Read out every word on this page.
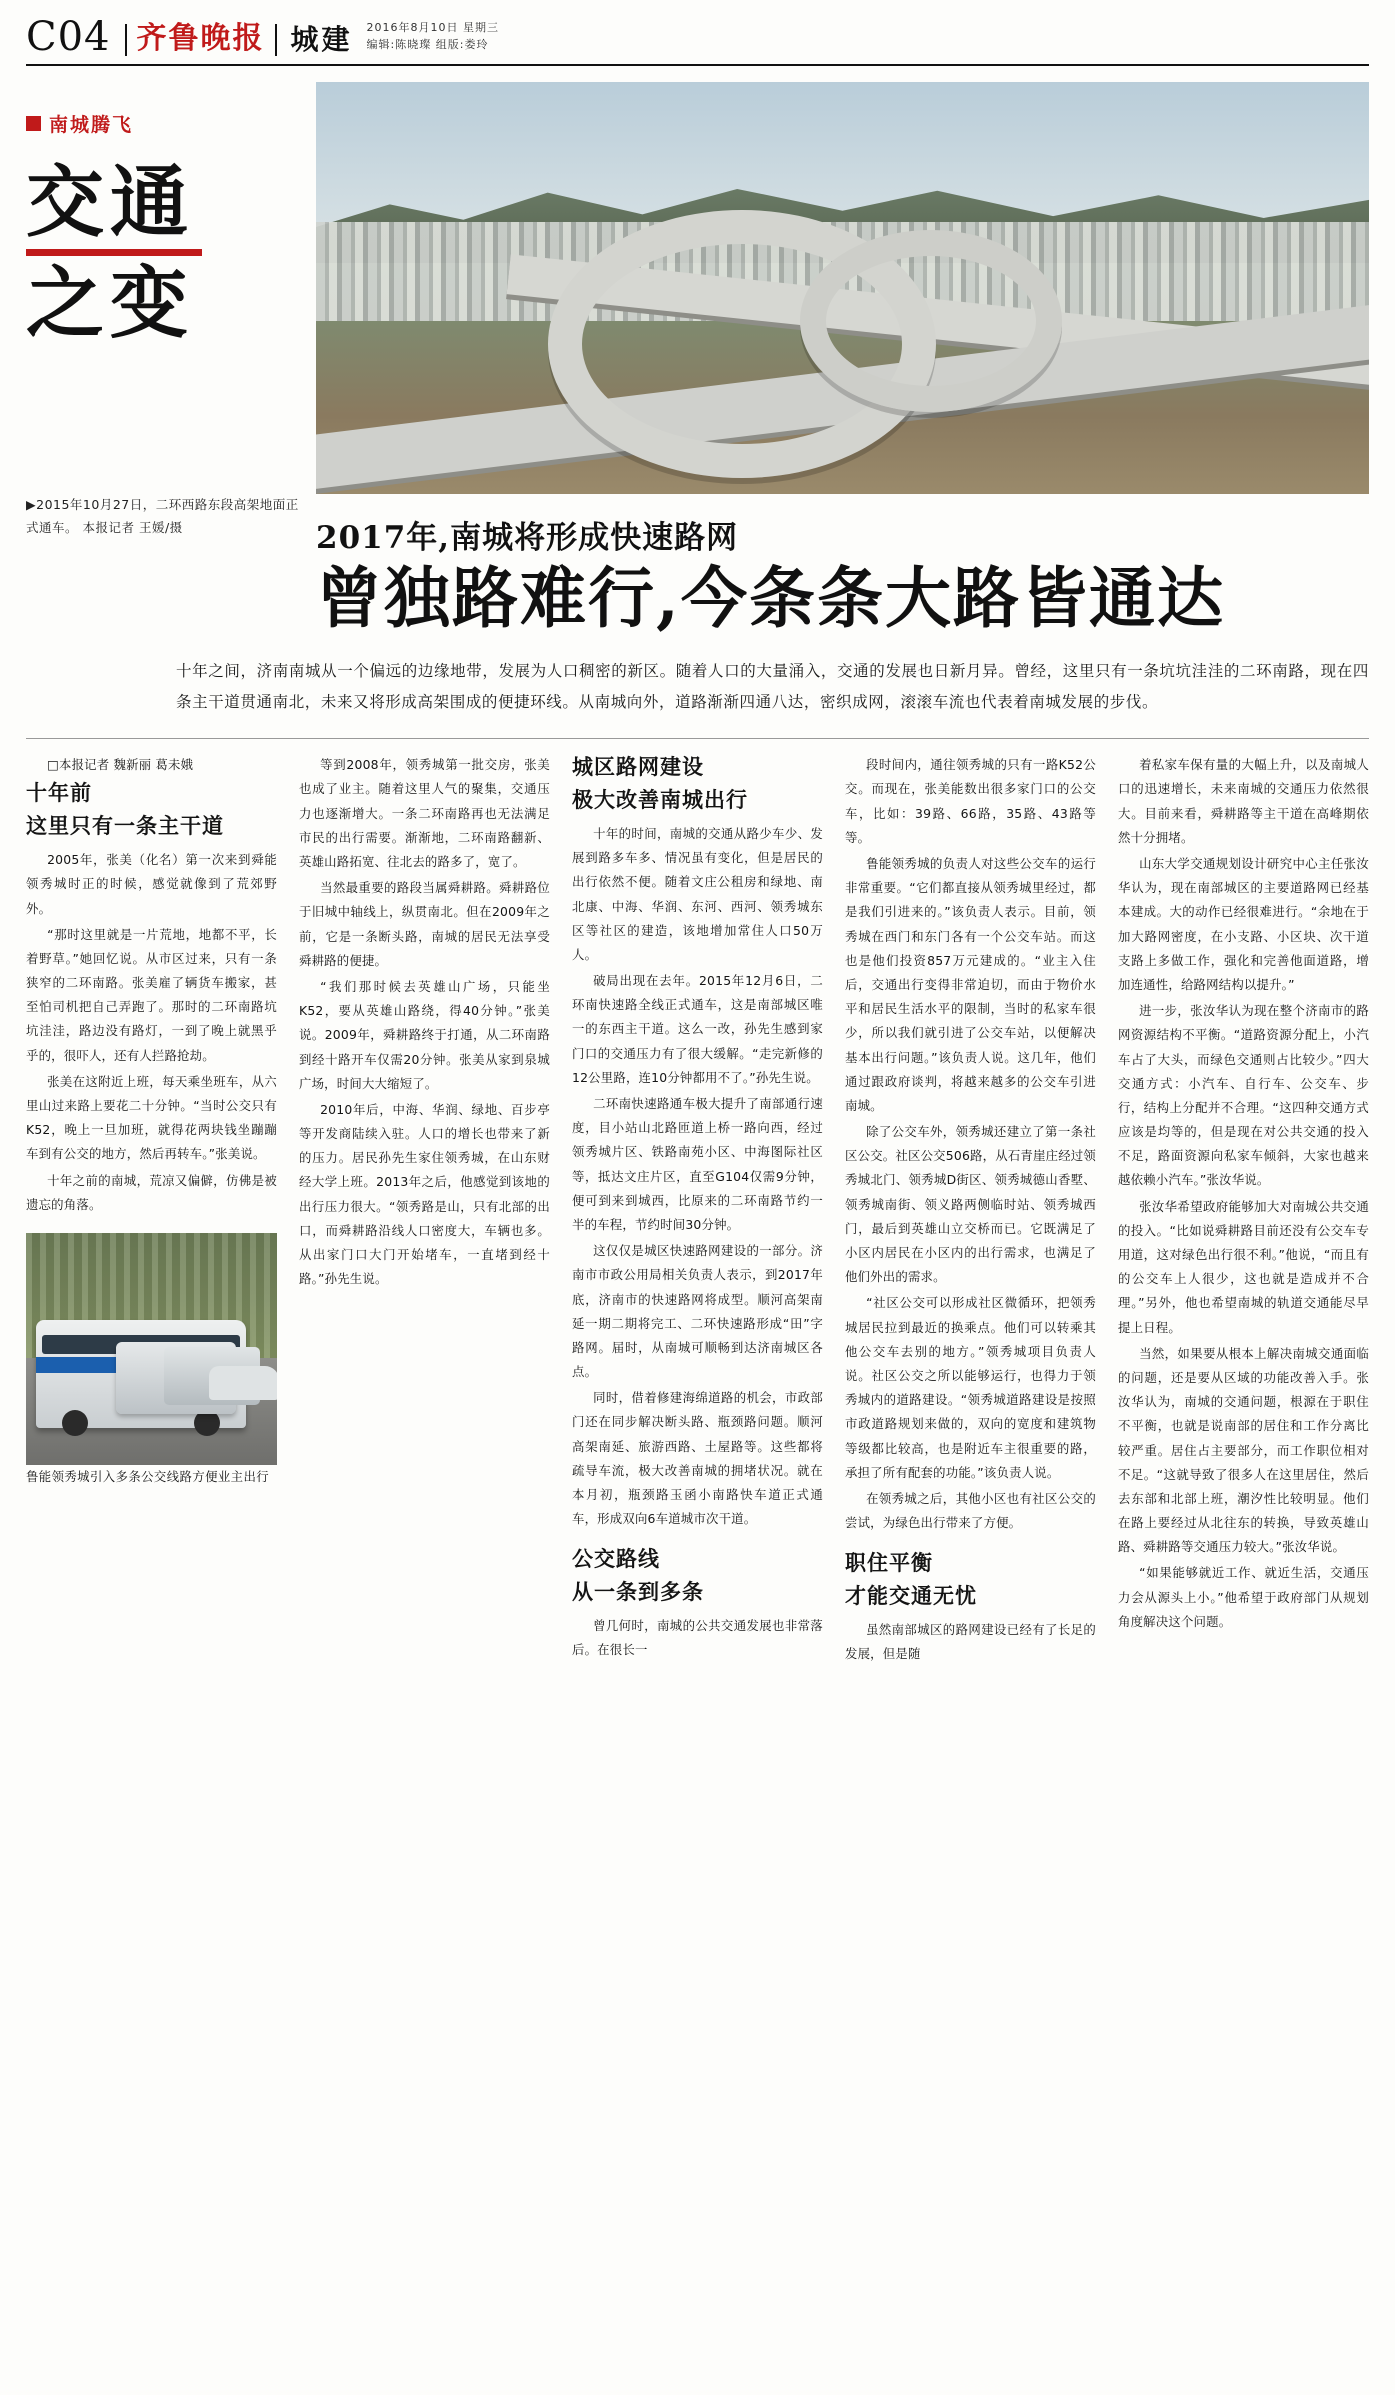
C04 齐鲁晚报 城建 2016年8月10日 星期三
编辑:陈晓璨 组版:娄玲
南城腾飞
交通
之变
▶2015年10月27日，二环西路东段高架地面正式通车。 本报记者 王媛/摄	2017年,南城将形成快速路网
曾独路难行,今条条大路皆通达
十年之间，济南南城从一个偏远的边缘地带，发展为人口稠密的新区。随着人口的大量涌入，交通的发展也日新月异。曾经，这里只有一条坑坑洼洼的二环南路，现在四条主干道贯通南北，未来又将形成高架围成的便捷环线。从南城向外，道路渐渐四通八达，密织成网，滚滚车流也代表着南城发展的步伐。

□本报记者 魏新丽 葛未娥

十年前
这里只有一条主干道

2005年，张美（化名）第一次来到舜能领秀城时正的时候，感觉就像到了荒郊野外。

“那时这里就是一片荒地，地都不平，长着野草。”她回忆说。从市区过来，只有一条狭窄的二环南路。张美雇了辆货车搬家，甚至怕司机把自己弄跑了。那时的二环南路坑坑洼洼，路边没有路灯，一到了晚上就黑乎乎的，很吓人，还有人拦路抢劫。

张美在这附近上班，每天乘坐班车，从六里山过来路上要花二十分钟。“当时公交只有K52，晚上一旦加班，就得花两块钱坐蹦蹦车到有公交的地方，然后再转车。”张美说。

十年之前的南城，荒凉又偏僻，仿佛是被遗忘的角落。

鲁能领秀城引入多条公交线路方便业主出行

等到2008年，领秀城第一批交房，张美也成了业主。随着这里人气的聚集，交通压力也逐渐增大。一条二环南路再也无法满足市民的出行需要。渐渐地，二环南路翻新、英雄山路拓宽、往北去的路多了，宽了。

当然最重要的路段当属舜耕路。舜耕路位于旧城中轴线上，纵贯南北。但在2009年之前，它是一条断头路，南城的居民无法享受舜耕路的便捷。

“我们那时候去英雄山广场，只能坐K52，要从英雄山路绕，得40分钟。”张美说。2009年，舜耕路终于打通，从二环南路到经十路开车仅需20分钟。张美从家到泉城广场，时间大大缩短了。

2010年后，中海、华润、绿地、百步亭等开发商陆续入驻。人口的增长也带来了新的压力。居民孙先生家住领秀城，在山东财经大学上班。2013年之后，他感觉到该地的出行压力很大。“领秀路是山，只有北部的出口，而舜耕路沿线人口密度大，车辆也多。从出家门口大门开始堵车，一直堵到经十路。”孙先生说。

城区路网建设
极大改善南城出行

十年的时间，南城的交通从路少车少、发展到路多车多、情况虽有变化，但是居民的出行依然不便。随着文庄公租房和绿地、南北康、中海、华润、东河、西河、领秀城东区等社区的建造，该地增加常住人口50万人。

破局出现在去年。2015年12月6日，二环南快速路全线正式通车，这是南部城区唯一的东西主干道。这么一改，孙先生感到家门口的交通压力有了很大缓解。“走完新修的12公里路，连10分钟都用不了。”孙先生说。

二环南快速路通车极大提升了南部通行速度，目小站山北路匝道上桥一路向西，经过领秀城片区、铁路南苑小区、中海图际社区等，抵达文庄片区，直至G104仅需9分钟，便可到来到城西，比原来的二环南路节约一半的车程，节约时间30分钟。

这仅仅是城区快速路网建设的一部分。济南市市政公用局相关负责人表示，到2017年底，济南市的快速路网将成型。顺河高架南延一期二期将完工、二环快速路形成“田”字路网。届时，从南城可顺畅到达济南城区各点。

同时，借着修建海绵道路的机会，市政部门还在同步解决断头路、瓶颈路问题。顺河高架南延、旅游西路、土屋路等。这些都将疏导车流，极大改善南城的拥堵状况。就在本月初，瓶颈路玉函小南路快车道正式通车，形成双向6车道城市次干道。

公交路线
从一条到多条

曾几何时，南城的公共交通发展也非常落后。在很长一

段时间内，通往领秀城的只有一路K52公交。而现在，张美能数出很多家门口的公交车，比如：39路、66路，35路、43路等等。

鲁能领秀城的负责人对这些公交车的运行非常重要。“它们都直接从领秀城里经过，都是我们引进来的。”该负责人表示。目前，领秀城在西门和东门各有一个公交车站。而这也是他们投资857万元建成的。“业主入住后，交通出行变得非常迫切，而由于物价水平和居民生活水平的限制，当时的私家车很少，所以我们就引进了公交车站，以便解决基本出行问题。”该负责人说。这几年，他们通过跟政府谈判，将越来越多的公交车引进南城。

除了公交车外，领秀城还建立了第一条社区公交。社区公交506路，从石青崖庄经过领秀城北门、领秀城D街区、领秀城德山香墅、领秀城南街、领义路两侧临时站、领秀城西门，最后到英雄山立交桥而已。它既满足了小区内居民在小区内的出行需求，也满足了他们外出的需求。

“社区公交可以形成社区微循环，把领秀城居民拉到最近的换乘点。他们可以转乘其他公交车去别的地方。”领秀城项目负责人说。社区公交之所以能够运行，也得力于领秀城内的道路建设。“领秀城道路建设是按照市政道路规划来做的，双向的宽度和建筑物等级都比较高，也是附近车主很重要的路，承担了所有配套的功能。”该负责人说。

在领秀城之后，其他小区也有社区公交的尝试，为绿色出行带来了方便。

职住平衡
才能交通无忧

虽然南部城区的路网建设已经有了长足的发展，但是随

着私家车保有量的大幅上升，以及南城人口的迅速增长，未来南城的交通压力依然很大。目前来看，舜耕路等主干道在高峰期依然十分拥堵。

山东大学交通规划设计研究中心主任张汝华认为，现在南部城区的主要道路网已经基本建成。大的动作已经很难进行。“余地在于加大路网密度，在小支路、小区块、次干道支路上多做工作，强化和完善他面道路，增加连通性，给路网结构以提升。”

进一步，张汝华认为现在整个济南市的路网资源结构不平衡。“道路资源分配上，小汽车占了大头，而绿色交通则占比较少。”四大交通方式：小汽车、自行车、公交车、步行，结构上分配并不合理。“这四种交通方式应该是均等的，但是现在对公共交通的投入不足，路面资源向私家车倾斜，大家也越来越依赖小汽车。”张汝华说。

张汝华希望政府能够加大对南城公共交通的投入。“比如说舜耕路目前还没有公交车专用道，这对绿色出行很不利。”他说，“而且有的公交车上人很少，这也就是造成并不合理。”另外，他也希望南城的轨道交通能尽早提上日程。

当然，如果要从根本上解决南城交通面临的问题，还是要从区域的功能改善入手。张汝华认为，南城的交通问题，根源在于职住不平衡，也就是说南部的居住和工作分离比较严重。居住占主要部分，而工作职位相对不足。“这就导致了很多人在这里居住，然后去东部和北部上班，潮汐性比较明显。他们在路上要经过从北往东的转换，导致英雄山路、舜耕路等交通压力较大。”张汝华说。

“如果能够就近工作、就近生活，交通压力会从源头上小。”他希望于政府部门从规划角度解决这个问题。
